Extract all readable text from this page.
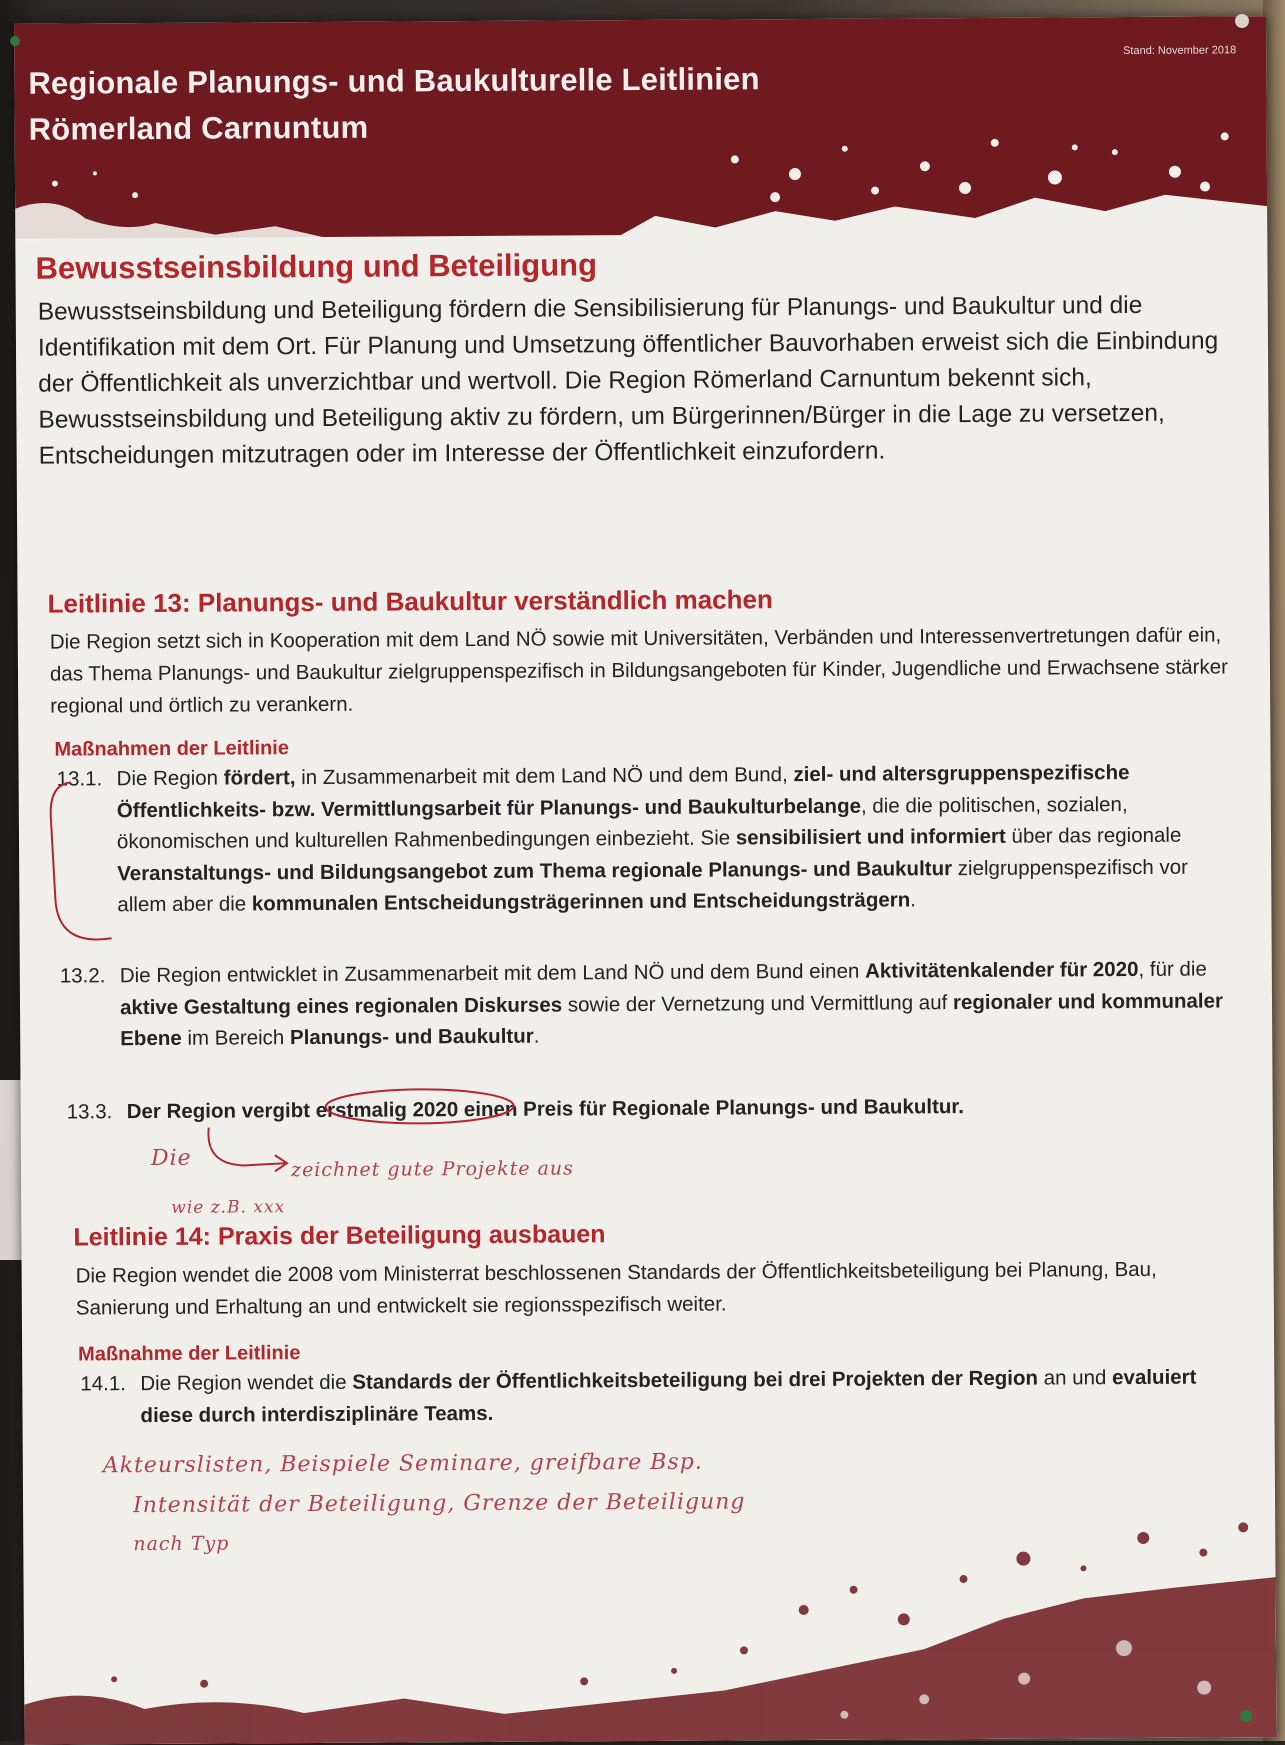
Regionale Planungs- und Baukulturelle Leitlinien
Römerland Carnuntum
Stand: November 2018
Bewusstseinsbildung und Beteiligung
Bewusstseinsbildung und Beteiligung fördern die Sensibilisierung für Planungs- und Baukultur und die Identifikation mit dem Ort. Für Planung und Umsetzung öffentlicher Bauvorhaben erweist sich die Einbindung der Öffentlichkeit als unverzichtbar und wertvoll. Die Region Römerland Carnuntum bekennt sich, Bewusstseinsbildung und Beteiligung aktiv zu fördern, um Bürgerinnen/Bürger in die Lage zu versetzen, Entscheidungen mitzutragen oder im Interesse der Öffentlichkeit einzufordern.
Leitlinie 13: Planungs- und Baukultur verständlich machen
Die Region setzt sich in Kooperation mit dem Land NÖ sowie mit Universitäten, Verbänden und Interessenvertretungen dafür ein, das Thema Planungs- und Baukultur zielgruppenspezifisch in Bildungsangeboten für Kinder, Jugendliche und Erwachsene stärker regional und örtlich zu verankern.
Maßnahmen der Leitlinie
13.1. Die Region fördert, in Zusammenarbeit mit dem Land NÖ und dem Bund, ziel- und altersgruppenspezifische Öffentlichkeits- bzw. Vermittlungsarbeit für Planungs- und Baukulturbelange, die die politischen, sozialen, ökonomischen und kulturellen Rahmenbedingungen einbezieht. Sie sensibilisiert und informiert über das regionale Veranstaltungs- und Bildungsangebot zum Thema regionale Planungs- und Baukultur zielgruppenspezifisch vor allem aber die kommunalen Entscheidungsträgerinnen und Entscheidungsträgern.
13.2. Die Region entwicklet in Zusammenarbeit mit dem Land NÖ und dem Bund einen Aktivitätenkalender für 2020, für die aktive Gestaltung eines regionalen Diskurses sowie der Vernetzung und Vermittlung auf regionaler und kommunaler Ebene im Bereich Planungs- und Baukultur.
13.3. Der Region vergibt erstmalig 2020 einen Preis für Regionale Planungs- und Baukultur.
Leitlinie 14: Praxis der Beteiligung ausbauen
Die Region wendet die 2008 vom Ministerrat beschlossenen Standards der Öffentlichkeitsbeteiligung bei Planung, Bau, Sanierung und Erhaltung an und entwickelt sie regionsspezifisch weiter.
Maßnahme der Leitlinie
14.1. Die Region wendet die Standards der Öffentlichkeitsbeteiligung bei drei Projekten der Region an und evaluiert diese durch interdisziplinäre Teams.
Die	zeichnet gute Projekte aus
wie z.B. xxx
Akteurslisten, Beispiele Seminare, greifbare Bsp.
Intensität der Beteiligung, Grenze der Beteiligung
nach Typ
